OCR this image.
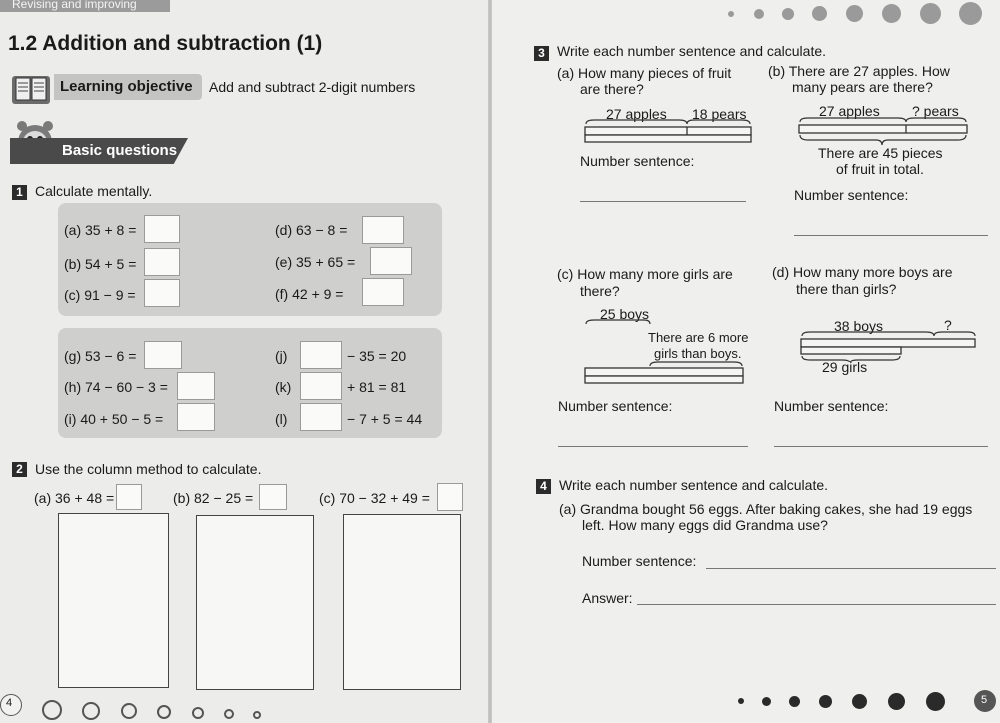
Revising and improving
1.2 Addition and subtraction (1)
Learning objective Add and subtract 2-digit numbers
Basic questions
1 Calculate mentally.
(a) 35 + 8 =
(b) 54 + 5 =
(c) 91 − 9 =
(d) 63 − 8 =
(e) 35 + 65 =
(f) 42 + 9 =
(g) 53 − 6 =
(h) 74 − 60 − 3 =
(i) 40 + 50 − 5 =
(j)	− 35 = 20
(k)	+ 81 = 81
(l)	− 7 + 5 = 44
2 Use the column method to calculate.
(a) 36 + 48 =	(b) 82 − 25 =	(c) 70 − 32 + 49 =
4
3 Write each number sentence and calculate.
(a) How many pieces of fruit
are there?
27 apples 18 pears
Number sentence:
(b) There are 27 apples. How
many pears are there?
27 apples ? pears
There are 45 pieces
of fruit in total.
Number sentence:
(c) How many more girls are
there?
25 boys
There are 6 more
girls than boys.
Number sentence:
(d) How many more boys are
there than girls?
38 boys	?
29 girls
Number sentence:
4 Write each number sentence and calculate.
(a) Grandma bought 56 eggs. After baking cakes, she had 19 eggs
left. How many eggs did Grandma use?
Number sentence:
Answer:
5
